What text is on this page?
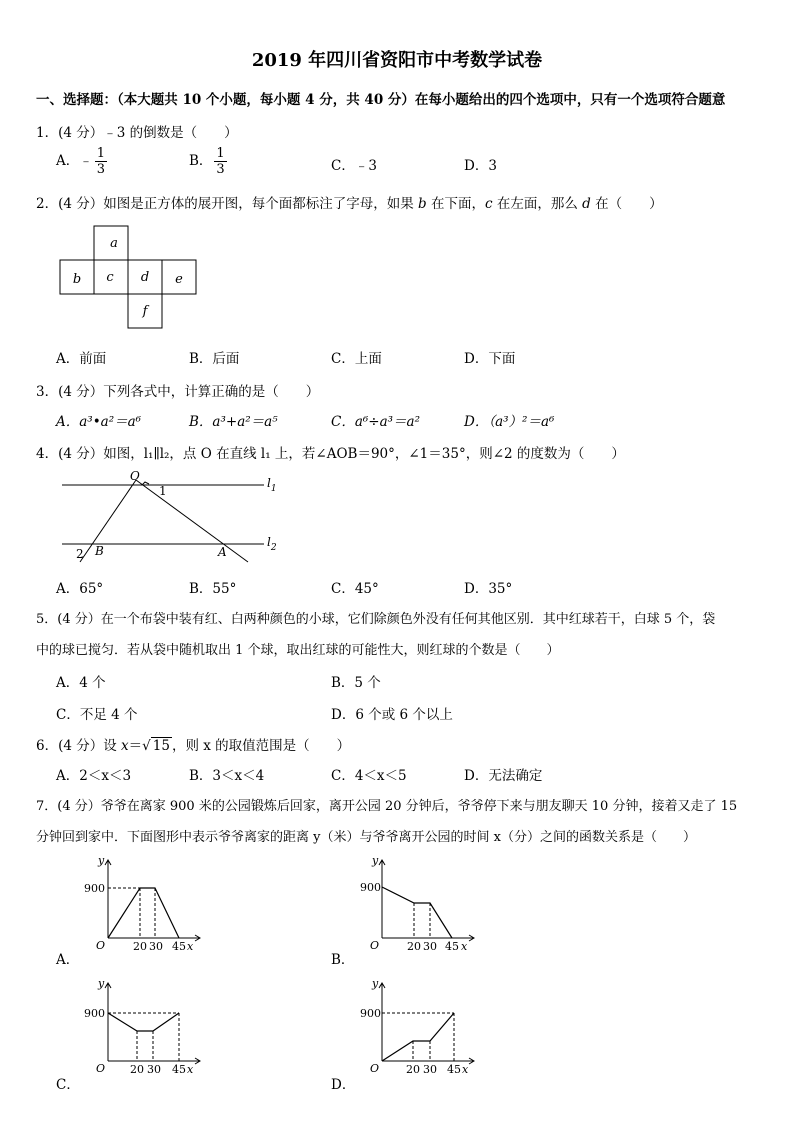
2019 年四川省资阳市中考数学试卷
一、选择题：（本大题共 10 个小题，每小题 4 分，共 40 分）在每小题给出的四个选项中，只有一个选项符合题意
1．(4 分）﹣3 的倒数是（　　）
A．﹣ $\frac{1}{3}$	B． $\frac{1}{3}$	C．﹣3	D．3
2．(4 分）如图是正方体的展开图，每个面都标注了字母，如果 b 在下面，c 在左面，那么 d 在（　　）
a
b c d e
f
A．前面	B．后面	C．上面	D．下面
3．(4 分）下列各式中，计算正确的是（　　）
A．a³•a²＝a⁶	B．a³+a²＝a⁵	C．a⁶÷a³＝a²	D．（a³）²＝a⁶
4．(4 分）如图，l₁∥l₂，点 O 在直线 l₁ 上，若∠AOB＝90°，∠1＝35°，则∠2 的度数为（　　）
O
1
$l_1$
$l_2$
2 B	A
A．65°	B．55°	C．45°	D．35°
5．(4 分）在一个布袋中装有红、白两种颜色的小球，它们除颜色外没有任何其他区别．其中红球若干，白球 5 个，袋
中的球已搅匀．若从袋中随机取出 1 个球，取出红球的可能性大，则红球的个数是（　　）
A．4 个	B．5 个
C．不足 4 个	D．6 个或 6 个以上
6．(4 分）设 x＝√ 15 ，则 x 的取值范围是（　　）
A．2＜x＜3	B．3＜x＜4	C．4＜x＜5	D．无法确定
7．(4 分）爷爷在离家 900 米的公园锻炼后回家，离开公园 20 分钟后，爷爷停下来与朋友聊天 10 分钟，接着又走了 15
分钟回到家中．下面图形中表示爷爷离家的距离 y（米）与爷爷离开公园的时间 x（分）之间的函数关系是（　　）
y
900
O	20 30 45 x
A．
y
900
O	20 30 45 x
B．
y
900
O 20 30 45 x
C．
y
900
O 20 30 45 x
D．
